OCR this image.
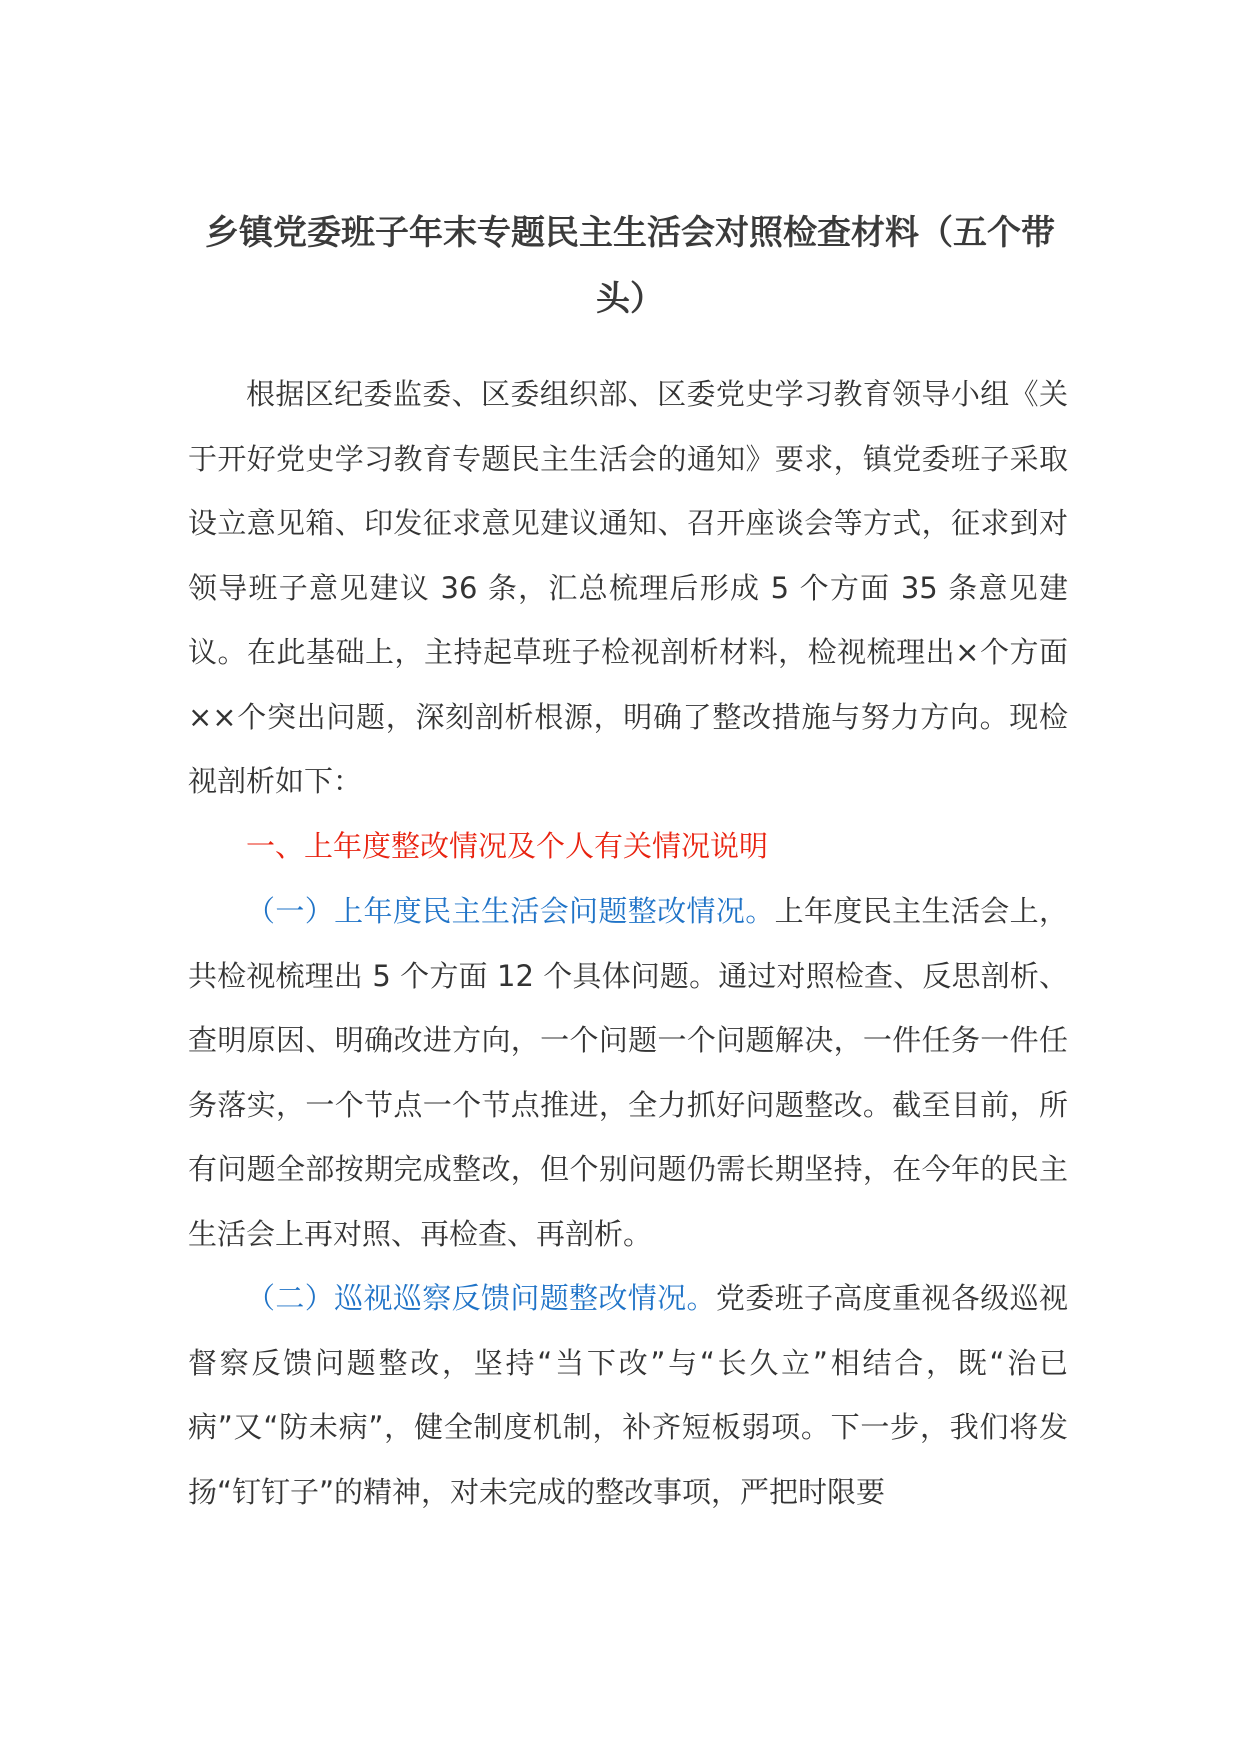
乡镇党委班子年末专题民主生活会对照检查材料（五个带头）

根据区纪委监委、区委组织部、区委党史学习教育领导小组《关于开好党史学习教育专题民主生活会的通知》要求，镇党委班子采取设立意见箱、印发征求意见建议通知、召开座谈会等方式，征求到对领导班子意见建议 36 条，汇总梳理后形成 5 个方面 35 条意见建议。在此基础上，主持起草班子检视剖析材料，检视梳理出×个方面××个突出问题，深刻剖析根源，明确了整改措施与努力方向。现检视剖析如下：

一、上年度整改情况及个人有关情况说明

（一）上年度民主生活会问题整改情况。上年度民主生活会上，共检视梳理出 5 个方面 12 个具体问题。通过对照检查、反思剖析、查明原因、明确改进方向，一个问题一个问题解决，一件任务一件任务落实，一个节点一个节点推进，全力抓好问题整改。截至目前，所有问题全部按期完成整改，但个别问题仍需长期坚持，在今年的民主生活会上再对照、再检查、再剖析。

（二）巡视巡察反馈问题整改情况。党委班子高度重视各级巡视督察反馈问题整改，坚持“当下改”与“长久立”相结合，既“治已病”又“防未病”，健全制度机制，补齐短板弱项。下一步，我们将发扬“钉钉子”的精神，对未完成的整改事项，严把时限要
